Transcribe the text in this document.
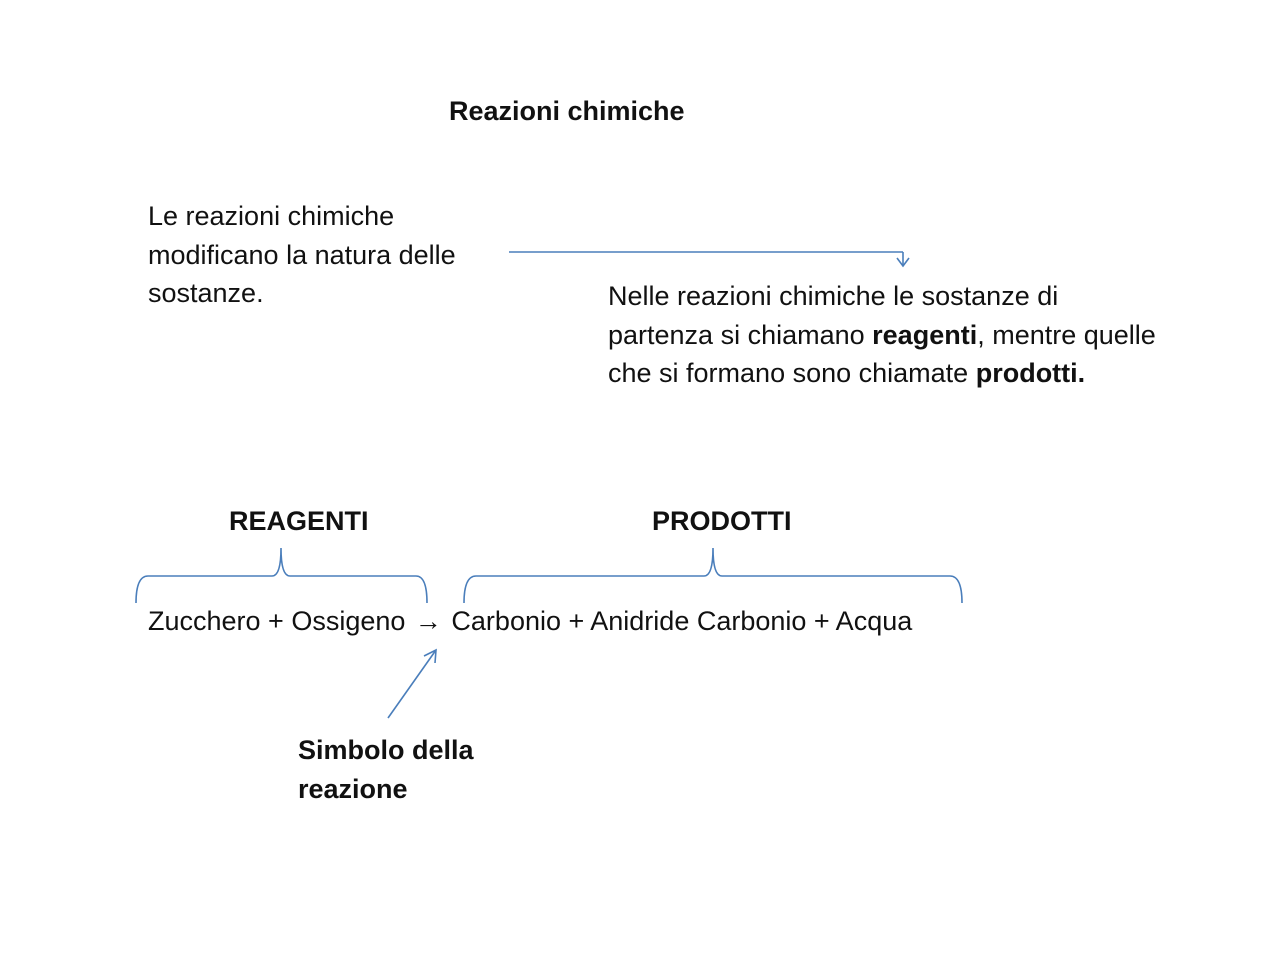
Reazioni chimiche
Le reazioni chimiche modificano la natura delle sostanze.	Nelle reazioni chimiche le sostanze di partenza si chiamano reagenti, mentre quelle che si formano sono chiamate prodotti.
REAGENTI	PRODOTTI
Zucchero + Ossigeno → Carbonio + Anidride Carbonio + Acqua
Simbolo della reazione
